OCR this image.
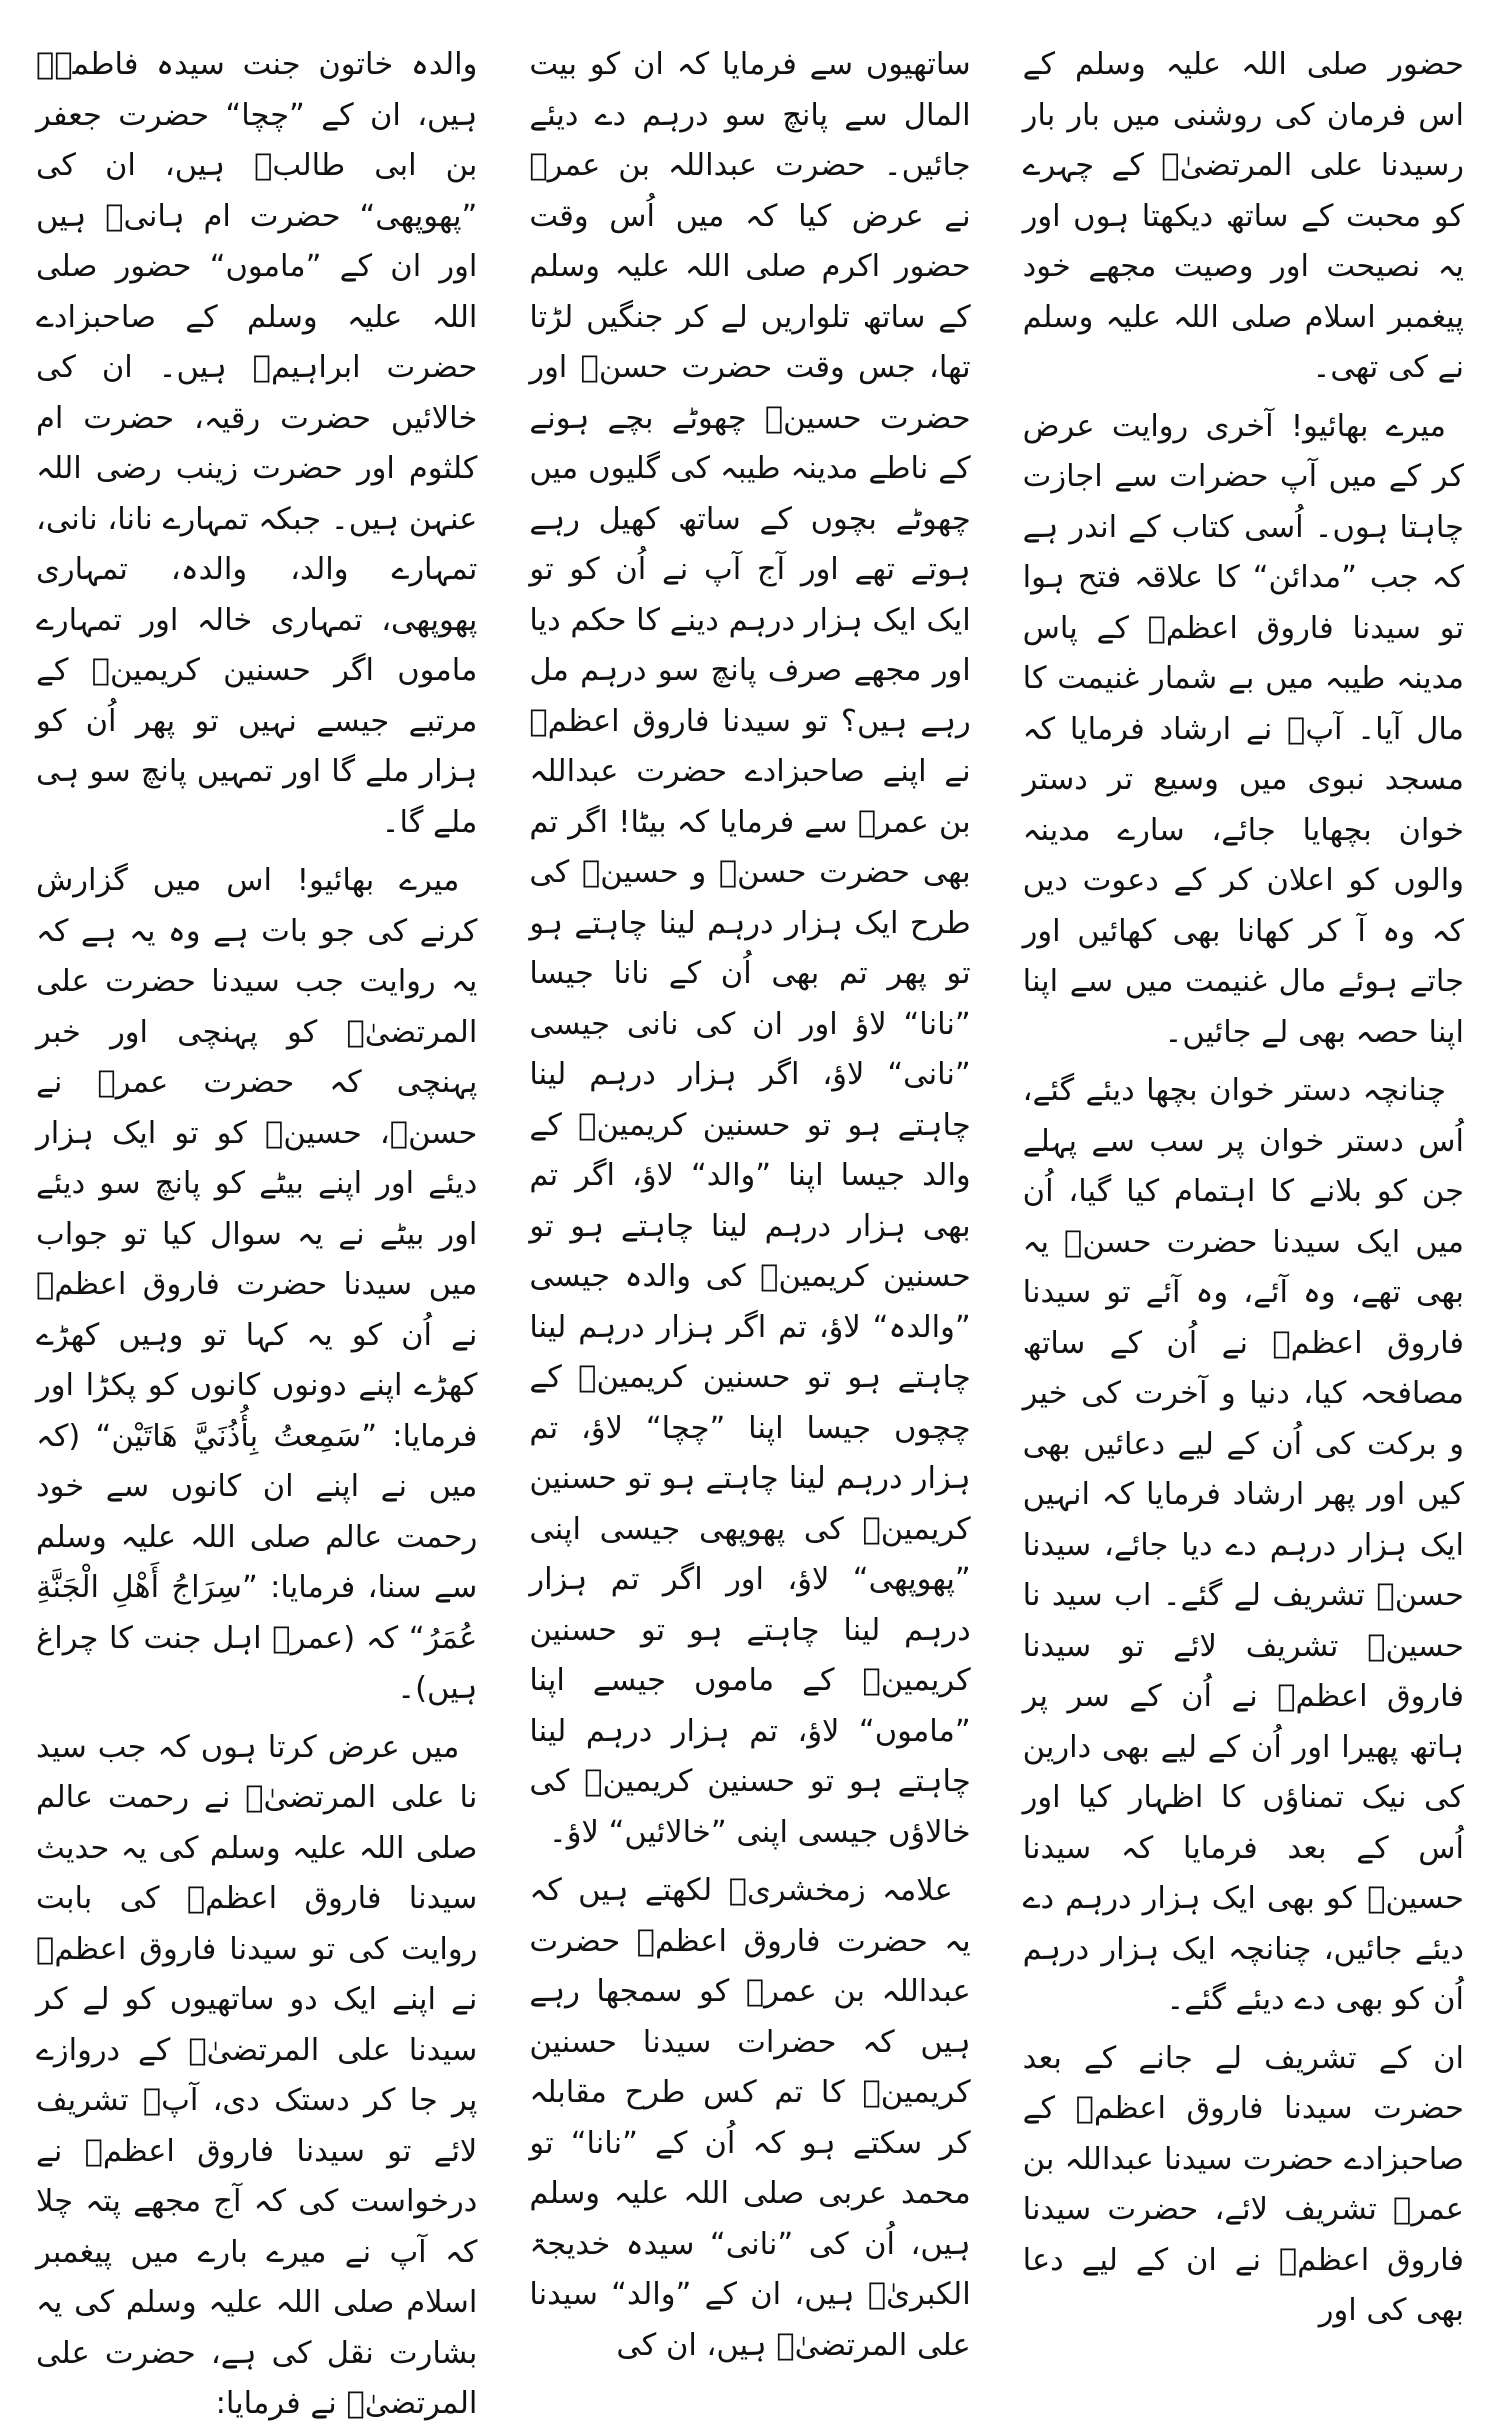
حضور صلی اللہ علیہ وسلم کے اس فرمان کی روشنی میں بار بار رسیدنا علی المرتضیٰؓ کے چہرے کو محبت کے ساتھ دیکھتا ہوں اور یہ نصیحت اور وصیت مجھے خود پیغمبر اسلام صلی اللہ علیہ وسلم نے کی تھی۔

میرے بھائیو! آخری روایت عرض کر کے میں آپ حضرات سے اجازت چاہتا ہوں۔ اُسی کتاب کے اندر ہے کہ جب ”مدائن“ کا علاقہ فتح ہوا تو سیدنا فاروق اعظمؓ کے پاس مدینہ طیبہ میں بے شمار غنیمت کا مال آیا۔ آپؓ نے ارشاد فرمایا کہ مسجد نبوی میں وسیع تر دستر خوان بچھایا جائے، سارے مدینہ والوں کو اعلان کر کے دعوت دیں کہ وہ آ کر کھانا بھی کھائیں اور جاتے ہوئے مال غنیمت میں سے اپنا اپنا حصہ بھی لے جائیں۔

چنانچہ دستر خوان بچھا دیئے گئے، اُس دستر خوان پر سب سے پہلے جن کو بلانے کا اہتمام کیا گیا، اُن میں ایک سیدنا حضرت حسنؓ یہ بھی تھے، وہ آئے، وہ آئے تو سیدنا فاروق اعظمؓ نے اُن کے ساتھ مصافحہ کیا، دنیا و آخرت کی خیر و برکت کی اُن کے لیے دعائیں بھی کیں اور پھر ارشاد فرمایا کہ انہیں ایک ہزار درہم دے دیا جائے، سیدنا حسنؓ تشریف لے گئے۔ اب سید نا حسینؓ تشریف لائے تو سیدنا فاروق اعظمؓ نے اُن کے سر پر ہاتھ پھیرا اور اُن کے لیے بھی دارین کی نیک تمناؤں کا اظہار کیا اور اُس کے بعد فرمایا کہ سیدنا حسینؓ کو بھی ایک ہزار درہم دے دیئے جائیں، چنانچہ ایک ہزار درہم اُن کو بھی دے دیئے گئے۔

ان کے تشریف لے جانے کے بعد حضرت سیدنا فاروق اعظمؓ کے صاحبزادے حضرت سیدنا عبداللہ بن عمرؓ تشریف لائے، حضرت سیدنا فاروق اعظمؓ نے ان کے لیے دعا بھی کی اور

ساتھیوں سے فرمایا کہ ان کو بیت المال سے پانچ سو درہم دے دیئے جائیں۔ حضرت عبداللہ بن عمرؓ نے عرض کیا کہ میں اُس وقت حضور اکرم صلی اللہ علیہ وسلم کے ساتھ تلواریں لے کر جنگیں لڑتا تھا، جس وقت حضرت حسنؓ اور حضرت حسینؓ چھوٹے بچے ہونے کے ناطے مدینہ طیبہ کی گلیوں میں چھوٹے بچوں کے ساتھ کھیل رہے ہوتے تھے اور آج آپ نے اُن کو تو ایک ایک ہزار درہم دینے کا حکم دیا اور مجھے صرف پانچ سو درہم مل رہے ہیں؟ تو سیدنا فاروق اعظمؓ نے اپنے صاحبزادے حضرت عبداللہ بن عمرؓ سے فرمایا کہ بیٹا! اگر تم بھی حضرت حسنؓ و حسینؓ کی طرح ایک ہزار درہم لینا چاہتے ہو تو پھر تم بھی اُن کے نانا جیسا ”نانا“ لاؤ اور ان کی نانی جیسی ”نانی“ لاؤ، اگر ہزار درہم لینا چاہتے ہو تو حسنین کریمینؓ کے والد جیسا اپنا ”والد“ لاؤ، اگر تم بھی ہزار درہم لینا چاہتے ہو تو حسنین کریمینؓ کی والدہ جیسی ”والدہ“ لاؤ، تم اگر ہزار درہم لینا چاہتے ہو تو حسنین کریمینؓ کے چچوں جیسا اپنا ”چچا“ لاؤ، تم ہزار درہم لینا چاہتے ہو تو حسنین کریمینؓ کی پھوپھی جیسی اپنی ”پھوپھی“ لاؤ، اور اگر تم ہزار درہم لینا چاہتے ہو تو حسنین کریمینؓ کے ماموں جیسے اپنا ”ماموں“ لاؤ، تم ہزار درہم لینا چاہتے ہو تو حسنین کریمینؓ کی خالاؤں جیسی اپنی ”خالائیں“ لاؤ۔

علامہ زمخشریؒ لکھتے ہیں کہ یہ حضرت فاروق اعظمؓ حضرت عبداللہ بن عمرؓ کو سمجھا رہے ہیں کہ حضرات سیدنا حسنین کریمینؓ کا تم کس طرح مقابلہ کر سکتے ہو کہ اُن کے ”نانا“ تو محمد عربی صلی اللہ علیہ وسلم ہیں، اُن کی ”نانی“ سیدہ خدیجۃ الکبریٰؓ ہیں، ان کے ”والد“ سیدنا علی المرتضیٰؓ ہیں، ان کی

والدہ خاتون جنت سیدہ فاطمہؓ ہیں، ان کے ”چچا“ حضرت جعفر بن ابی طالبؓ ہیں، ان کی ”پھوپھی“ حضرت ام ہانیؓ ہیں اور ان کے ”ماموں“ حضور صلی اللہ علیہ وسلم کے صاحبزادے حضرت ابراہیمؓ ہیں۔ ان کی خالائیں حضرت رقیہ، حضرت ام کلثوم اور حضرت زینب رضی اللہ عنہن ہیں۔ جبکہ تمہارے نانا، نانی، تمہارے والد، والدہ، تمہاری پھوپھی، تمہاری خالہ اور تمہارے ماموں اگر حسنین کریمینؓ کے مرتبے جیسے نہیں تو پھر اُن کو ہزار ملے گا اور تمہیں پانچ سو ہی ملے گا۔

میرے بھائیو! اس میں گزارش کرنے کی جو بات ہے وہ یہ ہے کہ یہ روایت جب سیدنا حضرت علی المرتضیٰؓ کو پہنچی اور خبر پہنچی کہ حضرت عمرؓ نے حسنؓ، حسینؓ کو تو ایک ہزار دیئے اور اپنے بیٹے کو پانچ سو دیئے اور بیٹے نے یہ سوال کیا تو جواب میں سیدنا حضرت فاروق اعظمؓ نے اُن کو یہ کہا تو وہیں کھڑے کھڑے اپنے دونوں کانوں کو پکڑا اور فرمایا: ”سَمِعتُ بِأُذُنَيَّ هَاتَيْن“ (کہ میں نے اپنے ان کانوں سے خود رحمت عالم صلی اللہ علیہ وسلم سے سنا، فرمایا: ”سِرَاجُ أَهْلِ الْجَنَّةِ عُمَرُ“ کہ (عمرؓ اہل جنت کا چراغ ہیں)۔

میں عرض کرتا ہوں کہ جب سید نا علی المرتضیٰؓ نے رحمت عالم صلی اللہ علیہ وسلم کی یہ حدیث سیدنا فاروق اعظمؓ کی بابت روایت کی تو سیدنا فاروق اعظمؓ نے اپنے ایک دو ساتھیوں کو لے کر سیدنا علی المرتضیٰؓ کے دروازے پر جا کر دستک دی، آپؓ تشریف لائے تو سیدنا فاروق اعظمؓ نے درخواست کی کہ آج مجھے پتہ چلا کہ آپ نے میرے بارے میں پیغمبر اسلام صلی اللہ علیہ وسلم کی یہ بشارت نقل کی ہے، حضرت علی المرتضیٰؓ نے فرمایا:
